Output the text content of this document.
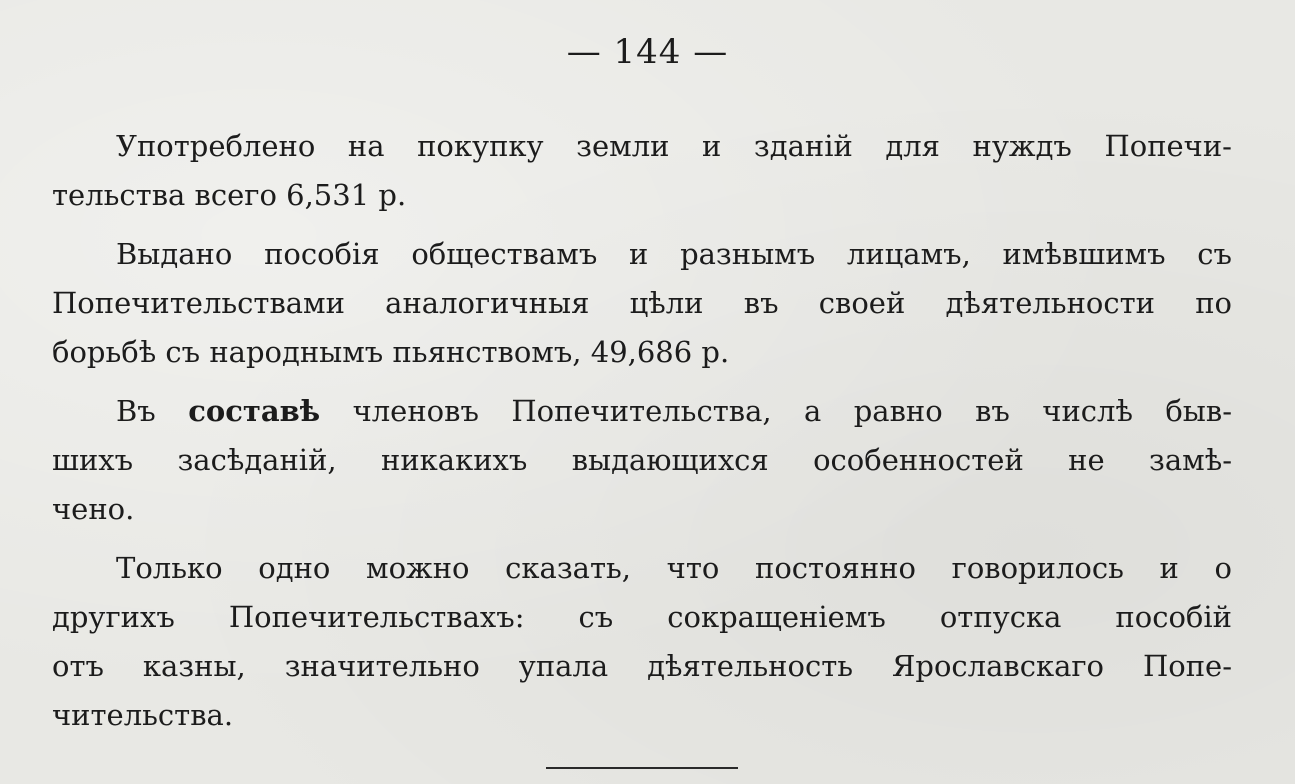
— 144 —
Употреблено на покупку земли и зданій для нуждъ Попечи-
тельства всего 6,531 р.
Выдано пособія обществамъ и разнымъ лицамъ, имѣвшимъ съ
Попечительствами аналогичныя цѣли въ своей дѣятельности по
борьбѣ съ народнымъ пьянствомъ, 49,686 р.
Въ составѣ членовъ Попечительства, а равно въ числѣ быв-
шихъ засѣданій, никакихъ выдающихся особенностей не замѣ-
чено.
Только одно можно сказать, что постоянно говорилось и о
другихъ Попечительствахъ: съ сокращеніемъ отпуска пособій
отъ казны, значительно упала дѣятельность Ярославскаго Попе-
чительства.
